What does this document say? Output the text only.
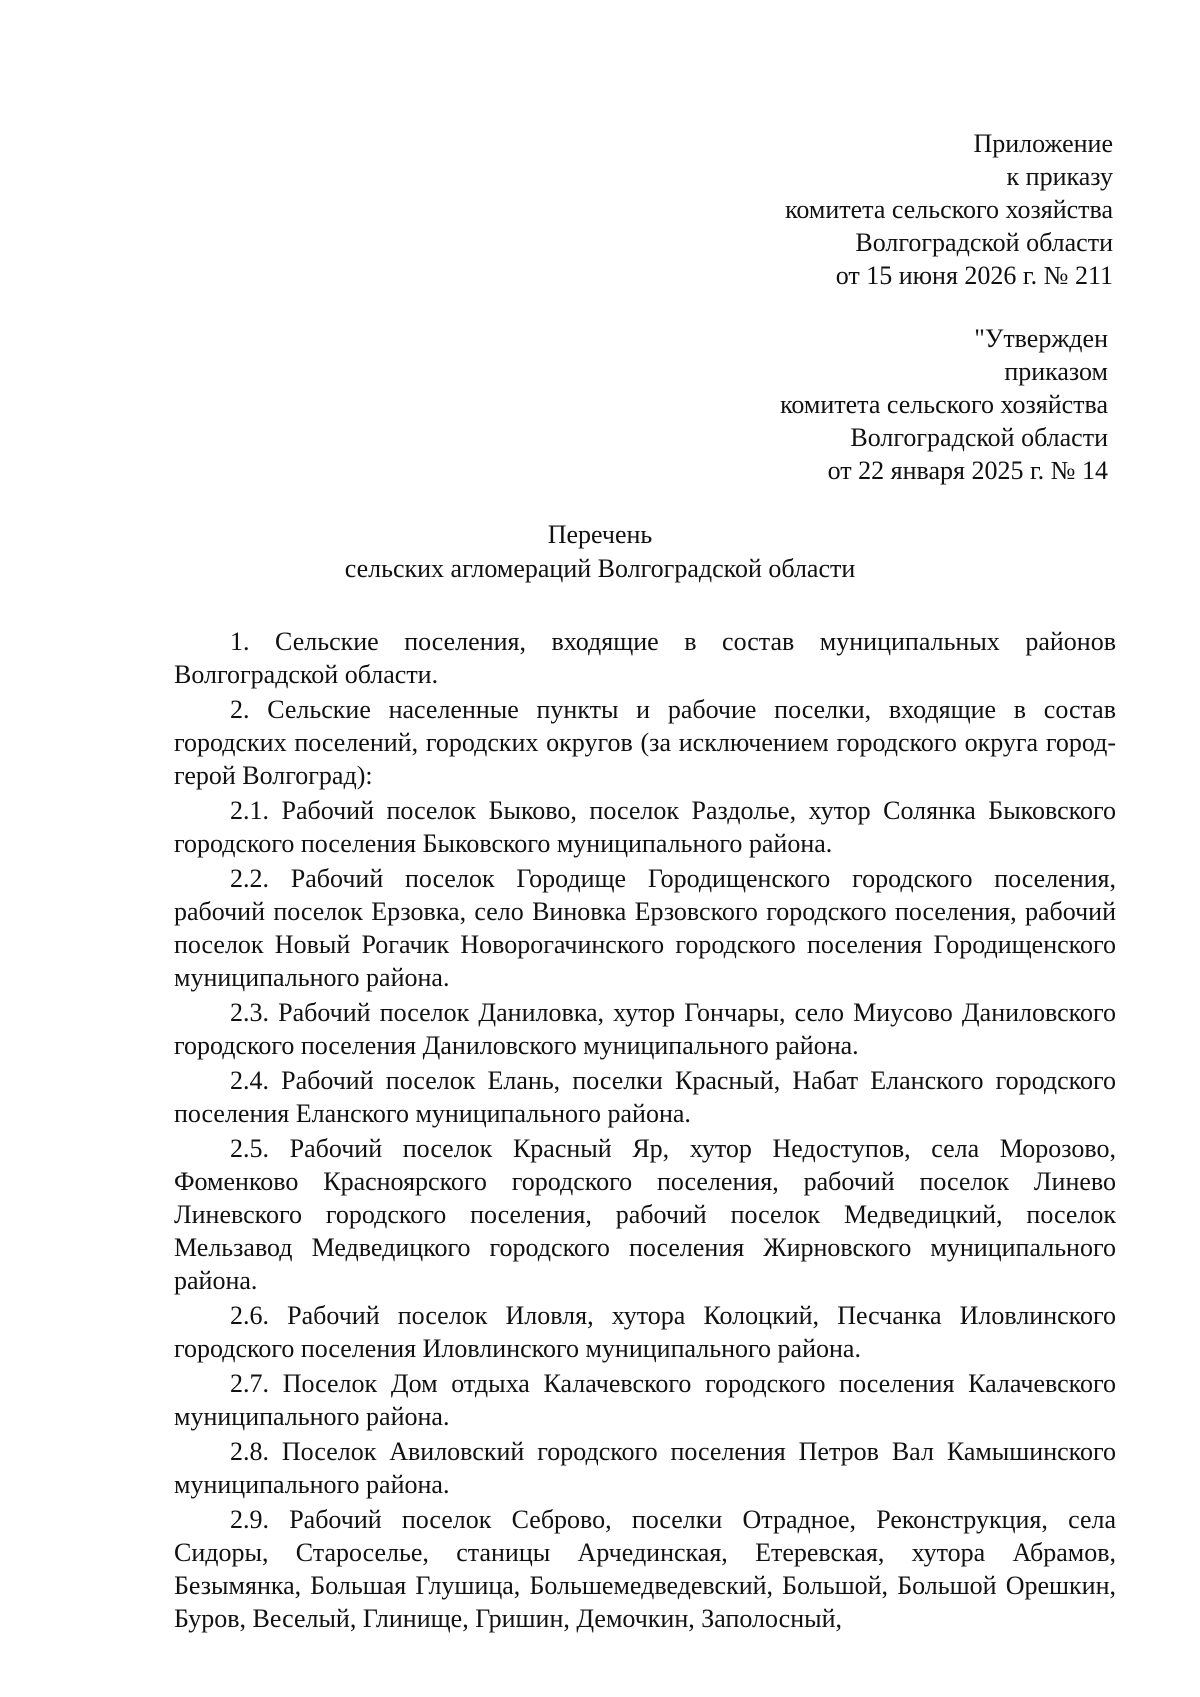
Приложение
к приказу
комитета сельского хозяйства
Волгоградской области
от 15 июня 2026 г. № 211
"Утвержден
приказом
комитета сельского хозяйства
Волгоградской области
от 22 января 2025 г. № 14
Перечень
сельских агломераций Волгоградской области

1. Сельские поселения, входящие в состав муниципальных районов Волгоградской области.

2. Сельские населенные пункты и рабочие поселки, входящие в состав городских поселений, городских округов (за исключением городского округа город-герой Волгоград):

2.1. Рабочий поселок Быково, поселок Раздолье, хутор Солянка Быковского городского поселения Быковского муниципального района.

2.2. Рабочий поселок Городище Городищенского городского поселения, рабочий поселок Ерзовка, село Виновка Ерзовского городского поселения, рабочий поселок Новый Рогачик Новорогачинского городского поселения Городищенского муниципального района.

2.3. Рабочий поселок Даниловка, хутор Гончары, село Миусово Даниловского городского поселения Даниловского муниципального района.

2.4. Рабочий поселок Елань, поселки Красный, Набат Еланского городского поселения Еланского муниципального района.

2.5. Рабочий поселок Красный Яр, хутор Недоступов, села Морозово, Фоменково Красноярского городского поселения, рабочий поселок Линево Линевского городского поселения, рабочий поселок Медведицкий, поселок Мельзавод Медведицкого городского поселения Жирновского муниципального района.

2.6. Рабочий поселок Иловля, хутора Колоцкий, Песчанка Иловлинского городского поселения Иловлинского муниципального района.

2.7. Поселок Дом отдыха Калачевского городского поселения Калачевского муниципального района.

2.8. Поселок Авиловский городского поселения Петров Вал Камышинского муниципального района.

2.9. Рабочий поселок Себрово, поселки Отрадное, Реконструкция, села Сидоры, Староселье, станицы Арчединская, Етеревская, хутора Абрамов, Безымянка, Большая Глушица, Большемедведевский, Большой, Большой Орешкин, Буров, Веселый, Глинище, Гришин, Демочкин, Заполосный,
